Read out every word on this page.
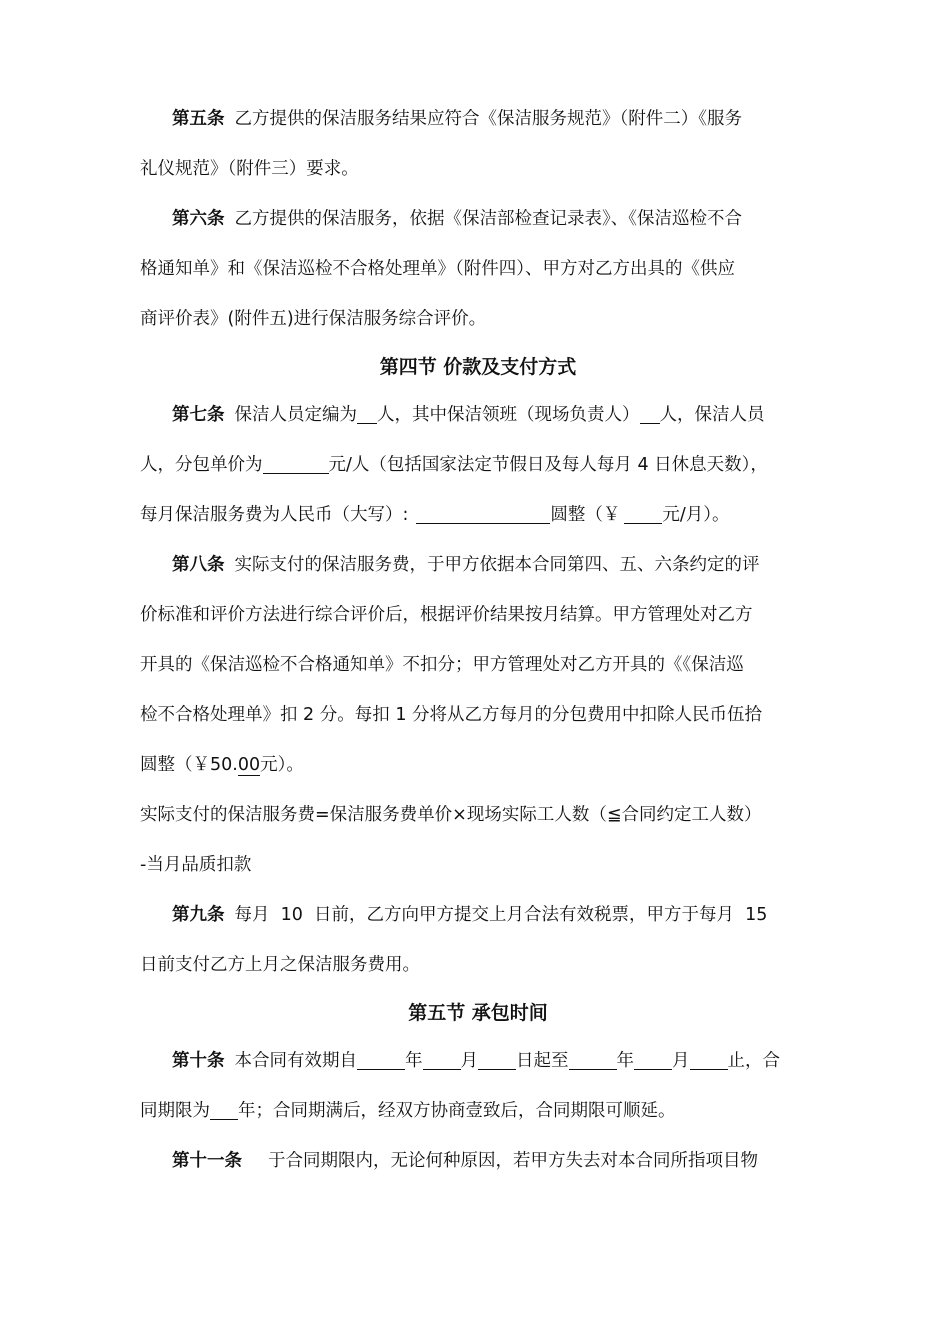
第五条 乙方提供的保洁服务结果应符合《保洁服务规范》（附件二）《服务

礼仪规范》（附件三）要求。

第六条 乙方提供的保洁服务，依据《保洁部检查记录表》、《保洁巡检不合

格通知单》和《保洁巡检不合格处理单》（附件四）、甲方对乙方出具的《供应

商评价表》(附件五)进行保洁服务综合评价。

第四节 价款及支付方式

第七条 保洁人员定编为 人，其中保洁领班（现场负责人） 人，保洁人员

人，分包单价为	元/人（包括国家法定节假日及每人每月 4 日休息天数），

每月保洁服务费为人民币（大写）:	圆整（￥ 元/月）。

第八条 实际支付的保洁服务费，于甲方依据本合同第四、五、六条约定的评

价标准和评价方法进行综合评价后，根据评价结果按月结算。甲方管理处对乙方

开具的《保洁巡检不合格通知单》不扣分；甲方管理处对乙方开具的《《保洁巡

检不合格处理单》扣 2 分。每扣 1 分将从乙方每月的分包费用中扣除人民币伍拾

圆整（￥50.00元）。

实际支付的保洁服务费=保洁服务费单价×现场实际工人数（≦合同约定工人数）

-当月品质扣款

第九条 每月  10  日前，乙方向甲方提交上月合法有效税票，甲方于每月  15

日前支付乙方上月之保洁服务费用。

第五节 承包时间

第十条 本合同有效期自	年 月 日起至	年 月 止，合

同期限为 年；合同期满后，经双方协商壹致后，合同期限可顺延。

第十一条 于合同期限内，无论何种原因，若甲方失去对本合同所指项目物
